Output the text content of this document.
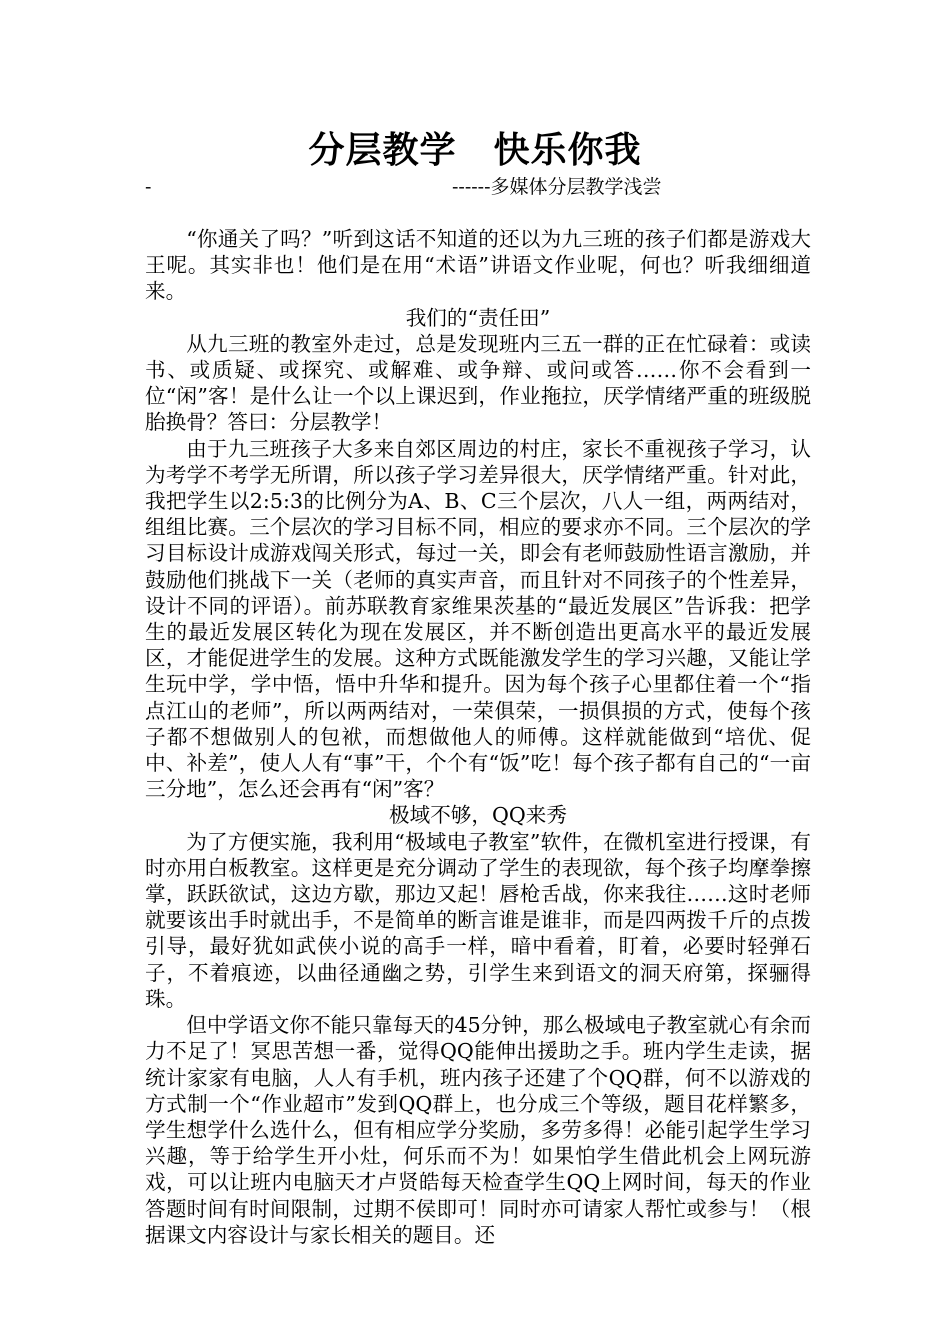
分层教学　快乐你我
-	------多媒体分层教学浅尝

“你通关了吗？”听到这话不知道的还以为九三班的孩子们都是游戏大王呢。其实非也！他们是在用“术语”讲语文作业呢，何也？听我细细道来。

我们的“责任田”

从九三班的教室外走过，总是发现班内三五一群的正在忙碌着：或读书、或质疑、或探究、或解难、或争辩、或问或答……你不会看到一位“闲”客！是什么让一个以上课迟到，作业拖拉，厌学情绪严重的班级脱胎换骨？答曰：分层教学！

由于九三班孩子大多来自郊区周边的村庄，家长不重视孩子学习，认为考学不考学无所谓，所以孩子学习差异很大，厌学情绪严重。针对此，我把学生以2:5:3的比例分为A、B、C三个层次，八人一组，两两结对，组组比赛。三个层次的学习目标不同，相应的要求亦不同。三个层次的学习目标设计成游戏闯关形式，每过一关，即会有老师鼓励性语言激励，并鼓励他们挑战下一关（老师的真实声音，而且针对不同孩子的个性差异，设计不同的评语）。前苏联教育家维果茨基的“最近发展区”告诉我：把学生的最近发展区转化为现在发展区，并不断创造出更高水平的最近发展区，才能促进学生的发展。这种方式既能激发学生的学习兴趣，又能让学生玩中学，学中悟，悟中升华和提升。因为每个孩子心里都住着一个“指点江山的老师”，所以两两结对，一荣俱荣，一损俱损的方式，使每个孩子都不想做别人的包袱，而想做他人的师傅。这样就能做到“培优、促中、补差”，使人人有“事”干，个个有“饭”吃！每个孩子都有自己的“一亩三分地”，怎么还会再有“闲”客？

极域不够，QQ来秀

为了方便实施，我利用“极域电子教室”软件，在微机室进行授课，有时亦用白板教室。这样更是充分调动了学生的表现欲，每个孩子均摩拳擦掌，跃跃欲试，这边方歇，那边又起！唇枪舌战，你来我往……这时老师就要该出手时就出手，不是简单的断言谁是谁非，而是四两拨千斤的点拨引导，最好犹如武侠小说的高手一样，暗中看着，盯着，必要时轻弹石子，不着痕迹，以曲径通幽之势，引学生来到语文的洞天府第，探骊得珠。

但中学语文你不能只靠每天的45分钟，那么极域电子教室就心有余而力不足了！冥思苦想一番，觉得QQ能伸出援助之手。班内学生走读，据统计家家有电脑，人人有手机，班内孩子还建了个QQ群，何不以游戏的方式制一个“作业超市”发到QQ群上，也分成三个等级，题目花样繁多，学生想学什么选什么，但有相应学分奖励，多劳多得！必能引起学生学习兴趣，等于给学生开小灶，何乐而不为！如果怕学生借此机会上网玩游戏，可以让班内电脑天才卢贤皓每天检查学生QQ上网时间，每天的作业答题时间有时间限制，过期不侯即可！同时亦可请家人帮忙或参与！（根据课文内容设计与家长相关的题目。还
